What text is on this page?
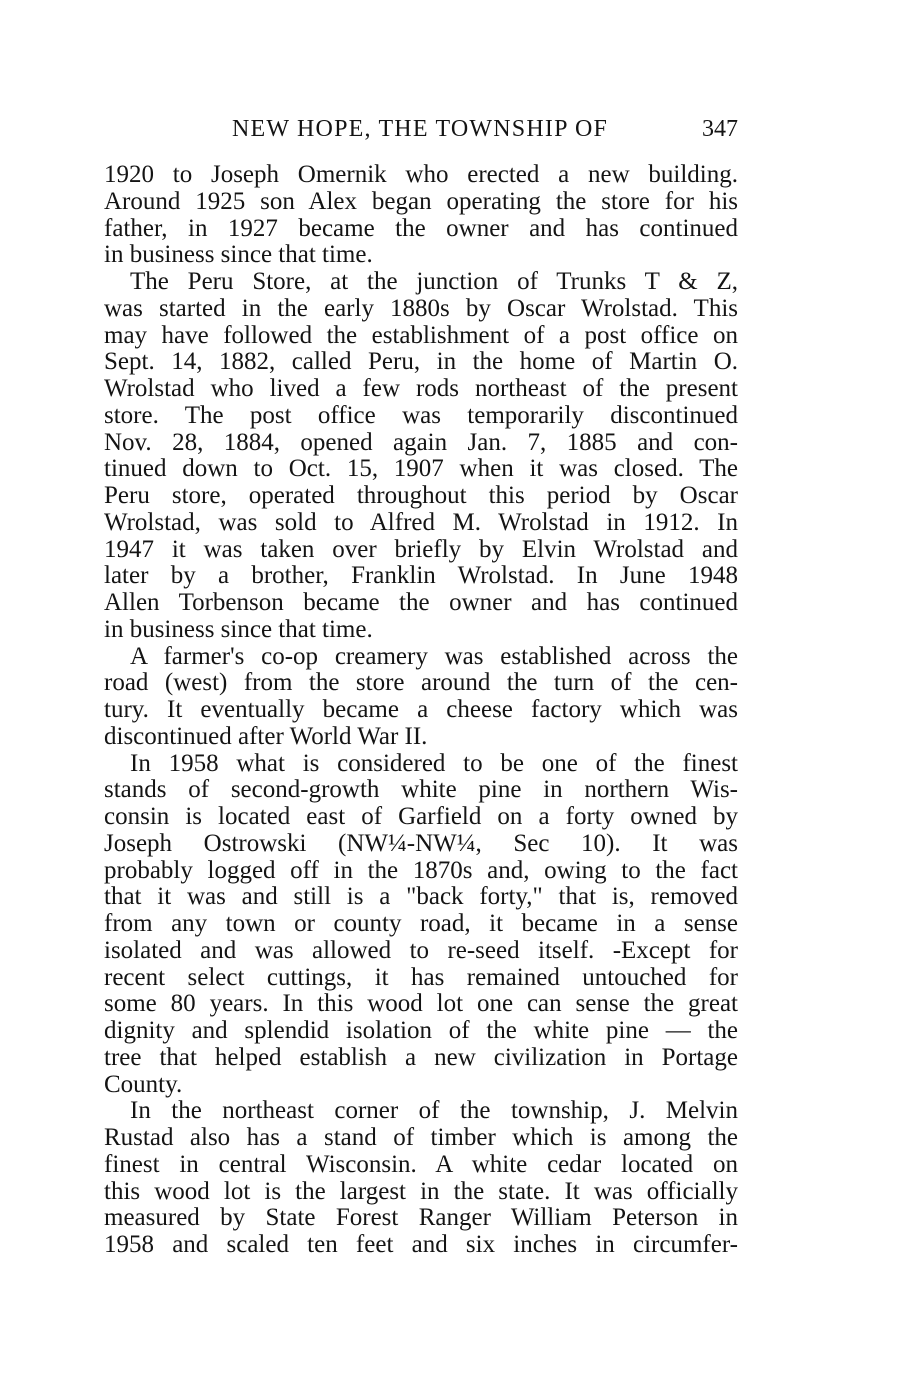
NEW HOPE, THE TOWNSHIP OF	347

1920 to Joseph Omernik who erected a new building.
Around 1925 son Alex began operating the store for his
father, in 1927 became the owner and has continued
in business since that time.

The Peru Store, at the junction of Trunks T & Z,
was started in the early 1880s by Oscar Wrolstad. This
may have followed the establishment of a post office on
Sept. 14, 1882, called Peru, in the home of Martin O.
Wrolstad who lived a few rods northeast of the present
store. The post office was temporarily discontinued
Nov. 28, 1884, opened again Jan. 7, 1885 and con-
tinued down to Oct. 15, 1907 when it was closed. The
Peru store, operated throughout this period by Oscar
Wrolstad, was sold to Alfred M. Wrolstad in 1912. In
1947 it was taken over briefly by Elvin Wrolstad and
later by a brother, Franklin Wrolstad. In June 1948
Allen Torbenson became the owner and has continued
in business since that time.

A farmer's co-op creamery was established across the
road (west) from the store around the turn of the cen-
tury. It eventually became a cheese factory which was
discontinued after World War II.

In 1958 what is considered to be one of the finest
stands of second-growth white pine in northern Wis-
consin is located east of Garfield on a forty owned by
Joseph Ostrowski (NW¼-NW¼, Sec 10). It was
probably logged off in the 1870s and, owing to the fact
that it was and still is a "back forty," that is, removed
from any town or county road, it became in a sense
isolated and was allowed to re-seed itself. -Except for
recent select cuttings, it has remained untouched for
some 80 years. In this wood lot one can sense the great
dignity and splendid isolation of the white pine — the
tree that helped establish a new civilization in Portage
County.

In the northeast corner of the township, J. Melvin
Rustad also has a stand of timber which is among the
finest in central Wisconsin. A white cedar located on
this wood lot is the largest in the state. It was officially
measured by State Forest Ranger William Peterson in
1958 and scaled ten feet and six inches in circumfer-
